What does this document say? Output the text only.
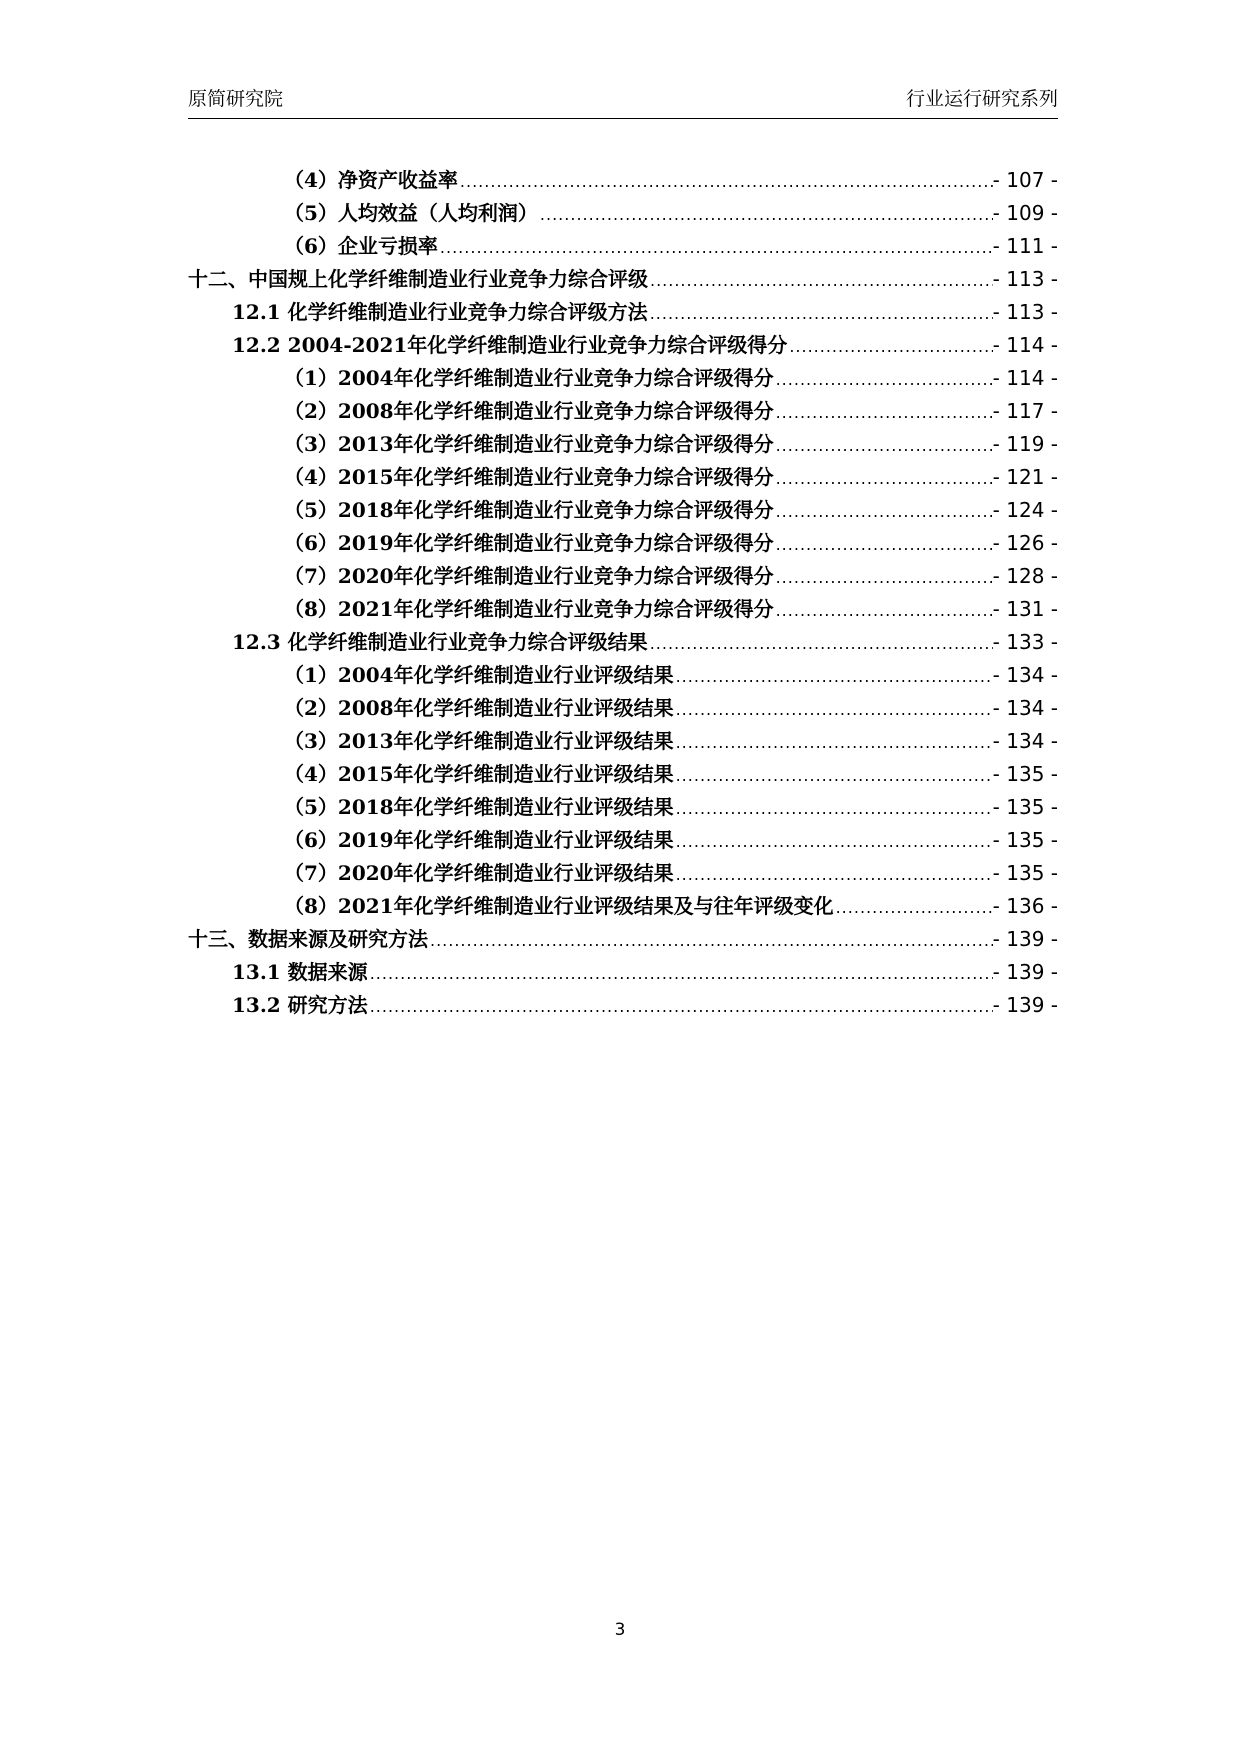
原简研究院	行业运行研究系列
（4）净资产收益率 .....	- 107 -
（5）人均效益（人均利润） .....	- 109 -
（6）企业亏损率 .....	- 111 -
十二、中国规上化学纤维制造业行业竞争力综合评级 .....	- 113 -
12.1 化学纤维制造业行业竞争力综合评级方法 .....	- 113 -
12.2 2004-2021年化学纤维制造业行业竞争力综合评级得分 .....	- 114 -
（1）2004年化学纤维制造业行业竞争力综合评级得分 .....	- 114 -
（2）2008年化学纤维制造业行业竞争力综合评级得分 .....	- 117 -
（3）2013年化学纤维制造业行业竞争力综合评级得分 .....	- 119 -
（4）2015年化学纤维制造业行业竞争力综合评级得分 .....	- 121 -
（5）2018年化学纤维制造业行业竞争力综合评级得分 .....	- 124 -
（6）2019年化学纤维制造业行业竞争力综合评级得分 .....	- 126 -
（7）2020年化学纤维制造业行业竞争力综合评级得分 .....	- 128 -
（8）2021年化学纤维制造业行业竞争力综合评级得分 .....	- 131 -
12.3 化学纤维制造业行业竞争力综合评级结果 .....	- 133 -
（1）2004年化学纤维制造业行业评级结果 .....	- 134 -
（2）2008年化学纤维制造业行业评级结果 .....	- 134 -
（3）2013年化学纤维制造业行业评级结果 .....	- 134 -
（4）2015年化学纤维制造业行业评级结果 .....	- 135 -
（5）2018年化学纤维制造业行业评级结果 .....	- 135 -
（6）2019年化学纤维制造业行业评级结果 .....	- 135 -
（7）2020年化学纤维制造业行业评级结果 .....	- 135 -
（8）2021年化学纤维制造业行业评级结果及与往年评级变化 .....	- 136 -
十三、数据来源及研究方法 .....	- 139 -
13.1 数据来源 .....	- 139 -
13.2 研究方法 .....	- 139 -
3
